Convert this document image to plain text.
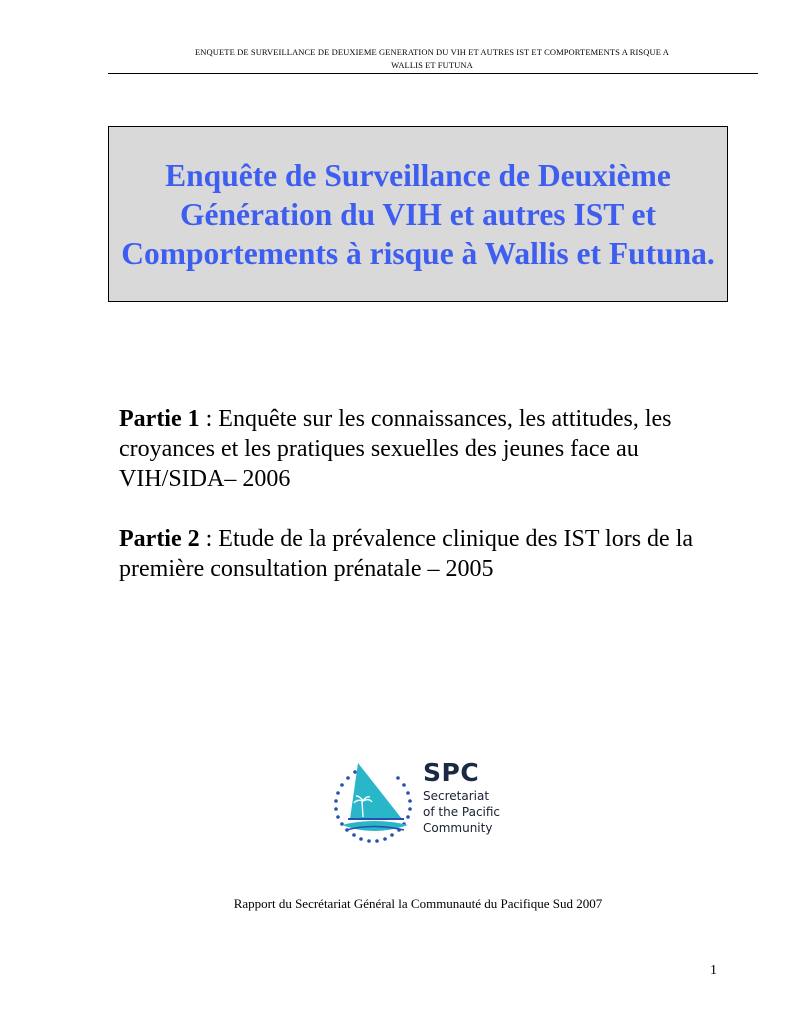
ENQUETE DE SURVEILLANCE DE DEUXIEME GENERATION DU VIH ET AUTRES IST ET COMPORTEMENTS A RISQUE A
WALLIS ET FUTUNA
Enquête de Surveillance de Deuxième
Génération du VIH et autres IST et
Comportements à risque à Wallis et Futuna.

Partie 1 : Enquête sur les connaissances, les attitudes, les croyances et les pratiques sexuelles des jeunes face au VIH/SIDA– 2006

Partie 2 : Etude de la prévalence clinique des IST lors de la première consultation prénatale – 2005

SPC
Secretariat
of the Pacific
Community
Rapport du Secrétariat Général la Communauté du Pacifique Sud 2007
1
